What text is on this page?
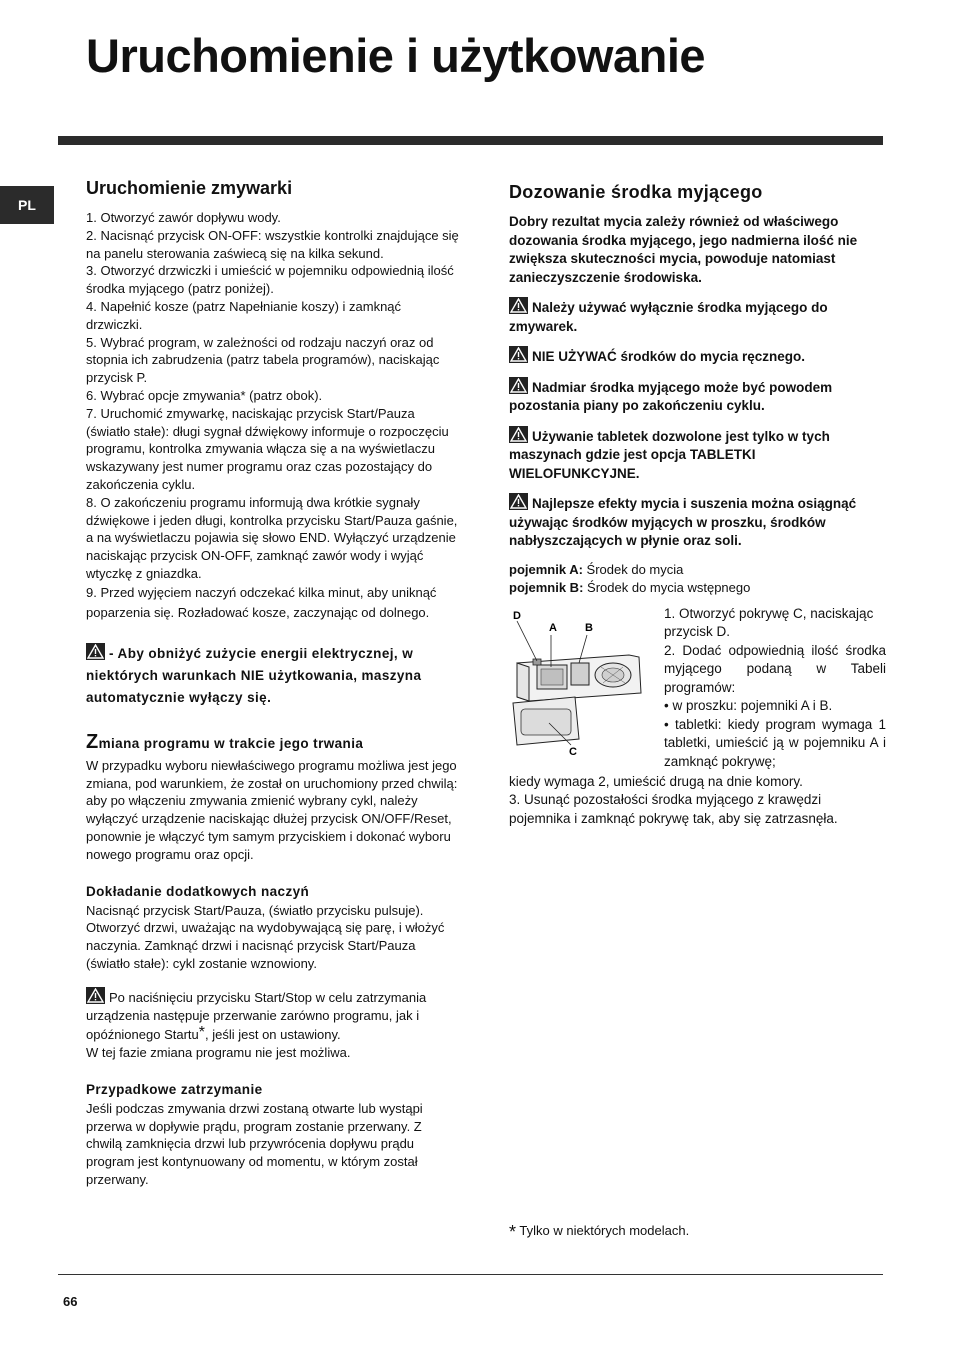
Uruchomienie i użytkowanie
PL
Uruchomienie zmywarki

1. Otworzyć zawór dopływu wody.

2. Nacisnąć przycisk ON-OFF: wszystkie kontrolki znajdujące się na panelu sterowania zaświecą się na kilka sekund.

3. Otworzyć drzwiczki i umieścić w pojemniku odpowiednią ilość środka myjącego (patrz poniżej).

4. Napełnić kosze (patrz Napełnianie koszy) i zamknąć drzwiczki.

5. Wybrać program, w zależności od rodzaju naczyń oraz od stopnia ich zabrudzenia (patrz tabela programów), naciskając przycisk P.

6. Wybrać opcje zmywania* (patrz obok).

7. Uruchomić zmywarkę, naciskając przycisk Start/Pauza (światło stałe): długi sygnał dźwiękowy informuje o rozpoczęciu programu, kontrolka zmywania włącza się a na wyświetlaczu wskazywany jest numer programu oraz czas pozostający do zakończenia cyklu.

8. O zakończeniu programu informują dwa krótkie sygnały dźwiękowe i jeden długi, kontrolka przycisku Start/Pauza gaśnie, a na wyświetlaczu pojawia się słowo END. Wyłączyć urządzenie naciskając przycisk ON-OFF, zamknąć zawór wody i wyjąć wtyczkę z gniazdka.

9. Przed wyjęciem naczyń odczekać kilka minut, aby uniknąć poparzenia się. Rozładować kosze, zaczynając od dolnego.

- Aby obniżyć zużycie energii elektrycznej, w niektórych warunkach NIE użytkowania, maszyna automatycznie wyłączy się.
Zmiana programu w trakcie jego trwania
W przypadku wyboru niewłaściwego programu możliwa jest jego zmiana, pod warunkiem, że został on uruchomiony przed chwilą: aby po włączeniu zmywania zmienić wybrany cykl, należy wyłączyć urządzenie naciskając dłużej przycisk ON/OFF/Reset, ponownie je włączyć tym samym przyciskiem i dokonać wyboru nowego programu oraz opcji.
Dokładanie dodatkowych naczyń
Nacisnąć przycisk Start/Pauza, (światło przycisku pulsuje). Otworzyć drzwi, uważając na wydobywającą się parę, i włożyć naczynia. Zamknąć drzwi i nacisnąć przycisk Start/Pauza (światło stałe): cykl zostanie wznowiony.
Po naciśnięciu przycisku Start/Stop w celu zatrzymania urządzenia następuje przerwanie zarówno programu, jak i opóźnionego Startu*, jeśli jest on ustawiony.

W tej fazie zmiana programu nie jest możliwa.

Przypadkowe zatrzymanie
Jeśli podczas zmywania drzwi zostaną otwarte lub wystąpi przerwa w dopływie prądu, program zostanie przerwany. Z chwilą zamknięcia drzwi lub przywrócenia dopływu prądu program jest kontynuowany od momentu, w którym został przerwany.
Dozowanie środka myjącego
Dobry rezultat mycia zależy również od właściwego dozowania środka myjącego, jego nadmierna ilość nie zwiększa skuteczności mycia, powoduje natomiast zanieczyszczenie środowiska.
Należy używać wyłącznie środka myjącego do zmywarek.
NIE UŻYWAĆ środków do mycia ręcznego.
Nadmiar środka myjącego może być powodem pozostania piany po zakończeniu cyklu.
Używanie tabletek dozwolone jest tylko w tych maszynach gdzie jest opcja TABLETKI WIELOFUNKCYJNE.
Najlepsze efekty mycia i suszenia można osiągnąć używając środków myjących w proszku, środków nabłyszczających w płynie oraz soli.

pojemnik A: Środek do mycia

pojemnik B: Środek do mycia wstępnego

D
A	B
C

1. Otworzyć pokrywę C, naciskając przycisk D.

2. Dodać odpowiednią ilość środka myjącego podaną w Tabeli programów:

• w proszku: pojemniki A i B.

• tabletki: kiedy program wymaga 1 tabletki, umieścić ją w pojemniku A i zamknąć pokrywę;

kiedy wymaga 2, umieścić drugą na dnie komory.

3. Usunąć pozostałości środka myjącego z krawędzi pojemnika i zamknąć pokrywę tak, aby się zatrzasnęła.

* Tylko w niektórych modelach.
66
